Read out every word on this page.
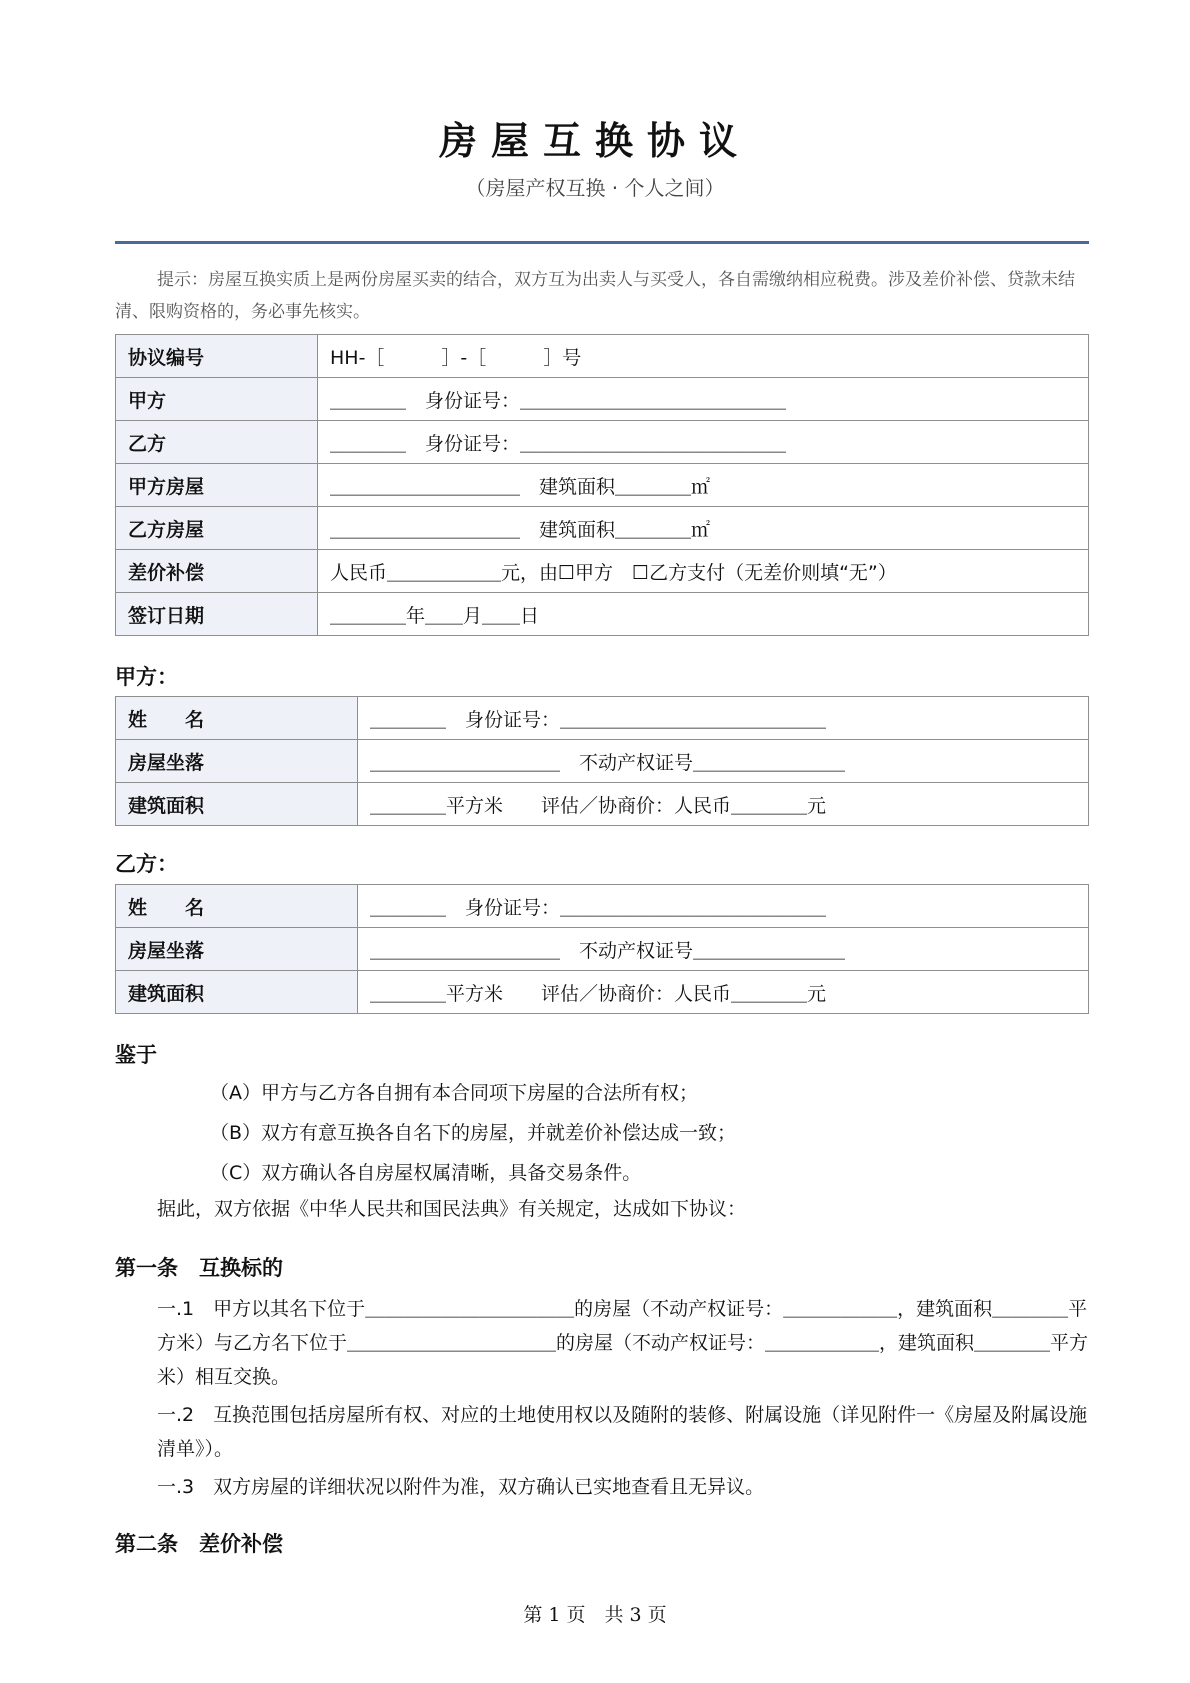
房屋互换协议
（房屋产权互换 · 个人之间）
提示：房屋互换实质上是两份房屋买卖的结合，双方互为出卖人与买受人，各自需缴纳相应税费。涉及差价补偿、贷款未结清、限购资格的，务必事先核实。
协议编号	HH-［　　　］-［　　　］号
甲方	＿＿＿＿　身份证号：＿＿＿＿＿＿＿＿＿＿＿＿＿＿
乙方	＿＿＿＿　身份证号：＿＿＿＿＿＿＿＿＿＿＿＿＿＿
甲方房屋	＿＿＿＿＿＿＿＿＿＿　建筑面积＿＿＿＿㎡
乙方房屋	＿＿＿＿＿＿＿＿＿＿　建筑面积＿＿＿＿㎡
差价补偿	人民币＿＿＿＿＿＿元，由☐甲方　☐乙方支付（无差价则填“无”）
签订日期	＿＿＿＿年＿＿月＿＿日
甲方：
姓　　名	＿＿＿＿　身份证号：＿＿＿＿＿＿＿＿＿＿＿＿＿＿
房屋坐落	＿＿＿＿＿＿＿＿＿＿　不动产权证号＿＿＿＿＿＿＿＿
建筑面积	＿＿＿＿平方米　　评估／协商价：人民币＿＿＿＿元
乙方：
姓　　名	＿＿＿＿　身份证号：＿＿＿＿＿＿＿＿＿＿＿＿＿＿
房屋坐落	＿＿＿＿＿＿＿＿＿＿　不动产权证号＿＿＿＿＿＿＿＿
建筑面积	＿＿＿＿平方米　　评估／协商价：人民币＿＿＿＿元
鉴于
（A）甲方与乙方各自拥有本合同项下房屋的合法所有权；
（B）双方有意互换各自名下的房屋，并就差价补偿达成一致；
（C）双方确认各自房屋权属清晰，具备交易条件。
据此，双方依据《中华人民共和国民法典》有关规定，达成如下协议：
第一条　互换标的
一.1　甲方以其名下位于＿＿＿＿＿＿＿＿＿＿＿的房屋（不动产权证号：＿＿＿＿＿＿，建筑面积＿＿＿＿平方米）与乙方名下位于＿＿＿＿＿＿＿＿＿＿＿的房屋（不动产权证号：＿＿＿＿＿＿，建筑面积＿＿＿＿平方米）相互交换。
一.2　互换范围包括房屋所有权、对应的土地使用权以及随附的装修、附属设施（详见附件一《房屋及附属设施清单》）。
一.3　双方房屋的详细状况以附件为准，双方确认已实地查看且无异议。
第二条　差价补偿
第 1 页　共 3 页
